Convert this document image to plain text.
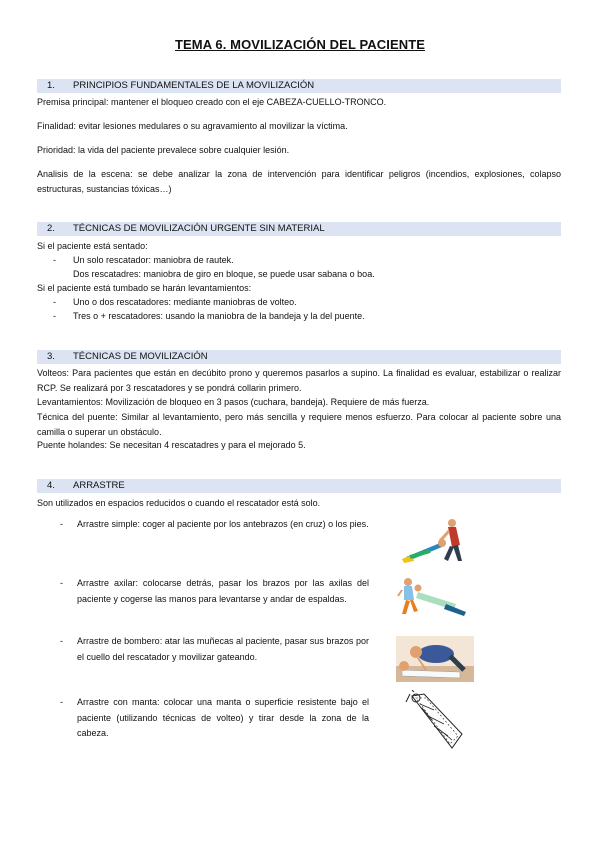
TEMA 6. MOVILIZACIÓN DEL PACIENTE
1. PRINCIPIOS FUNDAMENTALES DE LA MOVILIZACIÓN
Premisa principal: mantener el bloqueo creado con el eje CABEZA-CUELLO-TRONCO.
Finalidad: evitar lesiones medulares o su agravamiento al movilizar la víctima.
Prioridad: la vida del paciente prevalece sobre cualquier lesión.
Analisis de la escena: se debe analizar la zona de intervención para identificar peligros (incendios, explosiones, colapso estructuras, sustancias tóxicas…)
2. TÉCNICAS DE MOVILIZACIÓN URGENTE SIN MATERIAL
Si el paciente está sentado:
- Un solo rescatador: maniobra de rautek.
Dos rescatadres: maniobra de giro en bloque, se puede usar sabana o boa.
Si el paciente está tumbado se harán levantamientos:
- Uno o dos rescatadores: mediante maniobras de volteo.
- Tres o + rescatadores: usando la maniobra de la bandeja y la del puente.
3. TÉCNICAS DE MOVILIZACIÓN
Volteos: Para pacientes que están en decúbito prono y queremos pasarlos a supino. La finalidad es evaluar, estabilizar o realizar RCP. Se realizará por 3 rescatadores y se pondrá collarin primero.
Levantamientos: Movilización de bloqueo en 3 pasos (cuchara, bandeja). Requiere de más fuerza.
Técnica del puente: Similar al levantamiento, pero más sencilla y requiere menos esfuerzo. Para colocar al paciente sobre una camilla o superar un obstáculo.
Puente holandes: Se necesitan 4 rescatadres y para el mejorado 5.
4. ARRASTRE
Son utilizados en espacios reducidos o cuando el rescatador está solo.
- Arrastre simple: coger al paciente por los antebrazos (en cruz) o los pies.
- Arrastre axilar: colocarse detrás, pasar los brazos por las axilas del paciente y cogerse las manos para levantarse y andar de espaldas.
- Arrastre de bombero: atar las muñecas al paciente, pasar sus brazos por el cuello del rescatador y movilizar gateando.
- Arrastre con manta: colocar una manta o superficie resistente bajo el paciente (utilizando técnicas de volteo) y tirar desde la zona de la cabeza.
